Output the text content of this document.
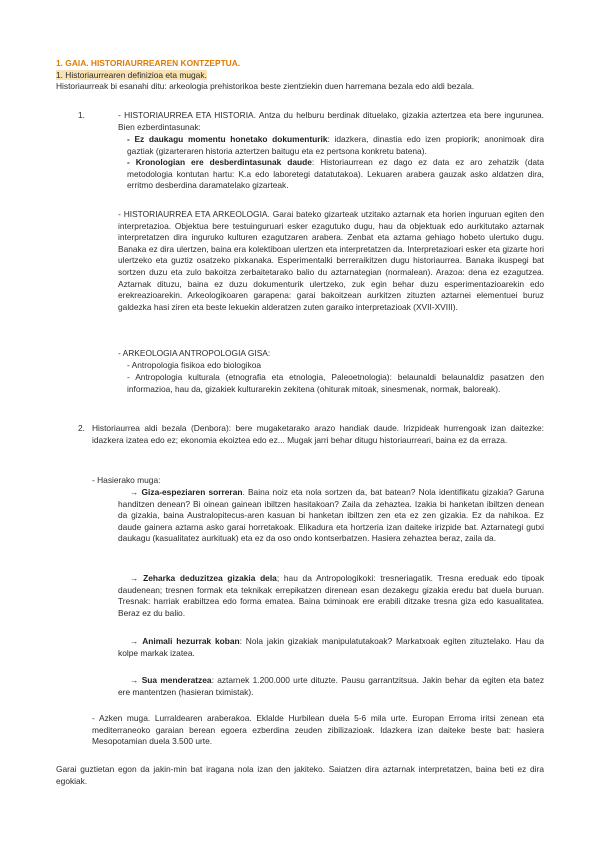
1. GAIA. HISTORIAURREAREN KONTZEPTUA.
1. Historiaurrearen definizioa eta mugak.
Historiaurreak bi esanahi ditu: arkeologia prehistorikoa beste zientziekin duen harremana bezala edo aldi bezala.
1.	- HISTORIAURREA ETA HISTORIA. Antza du helburu berdinak dituelako, gizakia aztertzea eta bere ingurunea. Bien ezberdintasunak:
- Ez daukagu momentu honetako dokumenturik: idazkera, dinastia edo izen propiorik; anonimoak dira gaztiak (gizarteraren historia aztertzen baitugu eta ez pertsona konkretu batena).
- Kronologian ere desberdintasunak daude: Historiaurrean ez dago ez data ez aro zehatzik (data metodologia kontutan hartu: K.a edo laboretegi datatutakoa). Lekuaren arabera gauzak asko aldatzen dira, erritmo desberdina daramatelako gizarteak.
- HISTORIAURREA ETA ARKEOLOGIA. Garai bateko gizarteak utzitako aztarnak eta horien inguruan egiten den interpretazioa. Objektua bere testuinguruari esker ezagutuko dugu, hau da objektuak edo aurkitutako aztarnak interpretatzen dira inguruko kulturen ezagutzaren arabera. Zenbat eta aztarna gehiago hobeto ulertuko dugu. Banaka ez dira ulertzen, baina era kolektiboan ulertzen eta interpretatzen da. Interpretazioari esker eta gizarte hori ulertzeko eta guztiz osatzeko pixkanaka. Esperimentalki berreraikitzen dugu historiaurrea. Banaka ikuspegi bat sortzen duzu eta zulo bakoitza zerbaitetarako balio du aztarnategian (normalean). Arazoa: dena ez ezagutzea. Aztarnak dituzu, baina ez duzu dokumenturik ulertzeko, zuk egin behar duzu esperimentazioarekin edo erekreazioarekin. Arkeologikoaren garapena: garai bakoitzean aurkitzen zituzten aztarnei elementuei buruz galdezka hasi ziren eta beste lekuekin alderatzen zuten garaiko interpretazioak (XVII-XVIII).
- ARKEOLOGIA ANTROPOLOGIA GISA:
- Antropologia fisikoa edo biologikoa
- Antropologia kulturala (etnografia eta etnologia, Paleoetnologia): belaunaldi belaunaldiz pasatzen den informazioa, hau da, gizakiek kulturarekin zekitena (ohiturak mitoak, sinesmenak, normak, baloreak).
2. Historiaurrea aldi bezala (Denbora): bere mugaketarako arazo handiak daude. Irizpideak hurrengoak izan daitezke: idazkera izatea edo ez; ekonomia ekoiztea edo ez... Mugak jarri behar ditugu historiaurreari, baina ez da erraza.
- Hasierako muga:
→ Giza-espeziaren sorreran. Baina noiz eta nola sortzen da, bat batean? Nola identifikatu gizakia? Garuna handitzen denean? Bi oinean gainean ibiltzen hasitakoan? Zaila da zehaztea. Izakia bi hanketan ibiltzen denean da gizakia, baina Australopitecus-aren kasuan bi hanketan ibiltzen zen eta ez zen gizakia. Ez da nahikoa. Ez daude gainera aztarna asko garai horretakoak. Elikadura eta hortzeria izan daiteke irizpide bat. Aztarnategi gutxi daukagu (kasualitatez aurkituak) eta ez da oso ondo kontserbatzen. Hasiera zehaztea beraz, zaila da.
→ Zeharka deduzitzea gizakia dela; hau da Antropologikoki: tresneriagatik. Tresna ereduak edo tipoak daudenean; tresnen formak eta teknikak errepikatzen direnean esan dezakegu gizakia eredu bat duela buruan. Tresnak: harriak erabiltzea edo forma ematea. Baina tximinoak ere erabili ditzake tresna giza edo kasualitatea. Beraz ez du balio.
→ Animali hezurrak koban: Nola jakin gizakiak manipulatutakoak? Markatxoak egiten zituztelako. Hau da kolpe markak izatea.
→ Sua menderatzea: aztarnek 1.200.000 urte dituzte. Pausu garrantzitsua. Jakin behar da egiten eta batez ere mantentzen (hasieran tximistak).
- Azken muga. Lurraldearen araberakoa. Eklalde Hurbilean duela 5-6 mila urte. Europan Erroma iritsi zenean eta mediterraneoko garaian berean egoera ezberdina zeuden zibilizazioak. Idazkera izan daiteke beste bat: hasiera Mesopotamian duela 3.500 urte.
Garai guztietan egon da jakin-min bat iragana nola izan den jakiteko. Saiatzen dira aztarnak interpretatzen, baina beti ez dira egokiak.
